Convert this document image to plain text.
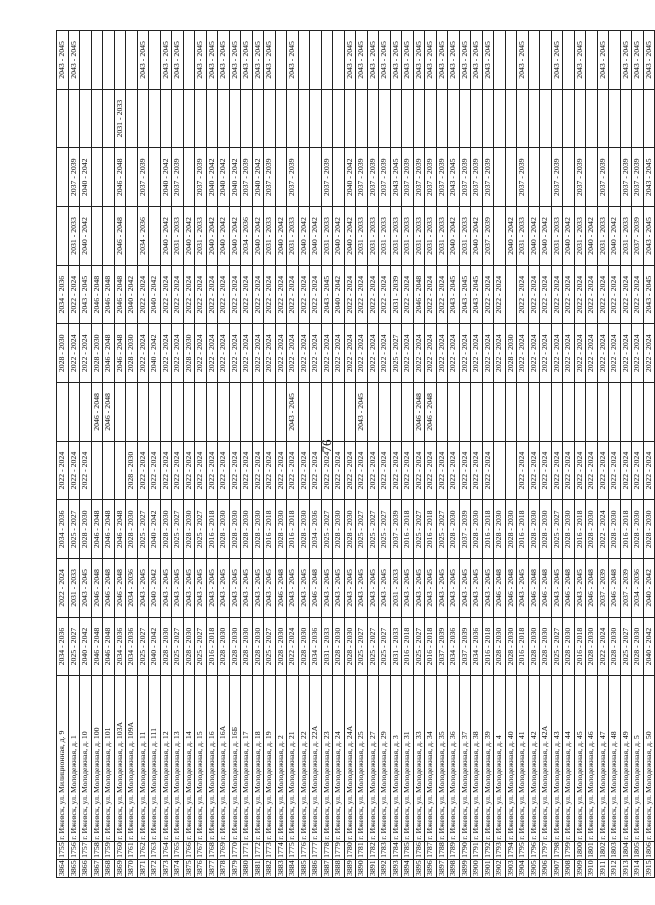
76
3864	1755	г. Ижевск, ул. Милиционная, д. 9	2034 - 2036	2022 - 2024	2034 - 2036	2022 - 2024		2028 - 2030	2034 - 2036				2043 - 2045
3865	1756	г. Ижевск, ул. Молодежная, д. 1	2025 - 2027	2031 - 2033	2025 - 2027	2022 - 2024		2022 - 2024	2022 - 2024	2031 - 2033	2037 - 2039		2043 - 2045
3866	1757	г. Ижевск, ул. Молодежная, д. 10	2040 - 2042	2043 - 2045	2028 - 2030	2022 - 2024		2022 - 2024	2043 - 2045	2040 - 2042	2040 - 2042		
3867	1758	г. Ижевск, ул. Молодежная, д. 100	2046 - 2048	2046 - 2048	2046 - 2048		2046 - 2048	2028 - 2030	2046 - 2048				
3868	1759	г. Ижевск, ул. Молодежная, д. 101	2046 - 2048	2046 - 2048	2046 - 2048		2046 - 2048	2046 - 2048	2046 - 2048				
3869	1760	г. Ижевск, ул. Молодежная, д. 103А	2034 - 2036	2046 - 2048	2046 - 2048			2046 - 2048	2046 - 2048	2046 - 2048	2046 - 2048	2031 - 2033	
3870	1761	г. Ижевск, ул. Молодежная, д. 109А	2034 - 2036	2034 - 2036	2028 - 2030	2028 - 2030		2028 - 2030	2040 - 2042				
3871	1762	г. Ижевск, ул. Молодежная, д. 11	2025 - 2027	2043 - 2045	2025 - 2027	2022 - 2024		2022 - 2024	2022 - 2024	2034 - 2036	2037 - 2039		2043 - 2045
3872	1763	г. Ижевск, ул. Молодежная, д. 111	2040 - 2042	2040 - 2042	2040 - 2042	2022 - 2024		2040 - 2042	2040 - 2042				
3873	1764	г. Ижевск, ул. Молодежная, д. 12	2028 - 2030	2043 - 2045	2028 - 2030	2022 - 2024		2022 - 2024	2022 - 2024	2040 - 2042	2040 - 2042		2043 - 2045
3874	1765	г. Ижевск, ул. Молодежная, д. 13	2025 - 2027	2043 - 2045	2025 - 2027	2022 - 2024		2022 - 2024	2022 - 2024	2031 - 2033	2037 - 2039		2043 - 2045
3875	1766	г. Ижевск, ул. Молодежная, д. 14	2028 - 2030	2043 - 2045	2028 - 2030	2022 - 2024		2028 - 2030	2022 - 2024	2040 - 2042			
3876	1767	г. Ижевск, ул. Молодежная, д. 15	2025 - 2027	2043 - 2045	2025 - 2027	2022 - 2024		2022 - 2024	2022 - 2024	2031 - 2033	2037 - 2039		2043 - 2045
3877	1768	г. Ижевск, ул. Молодежная, д. 16	2016 - 2018	2043 - 2045	2016 - 2018	2022 - 2024		2022 - 2024	2022 - 2024	2040 - 2042	2040 - 2042		2043 - 2045
3878	1769	г. Ижевск, ул. Молодежная, д. 16А	2028 - 2030	2043 - 2045	2028 - 2030	2022 - 2024		2022 - 2024	2022 - 2024	2040 - 2042	2040 - 2042		2043 - 2045
3879	1770	г. Ижевск, ул. Молодежная, д. 16Б	2028 - 2030	2043 - 2045	2028 - 2030	2022 - 2024		2022 - 2024	2022 - 2024	2040 - 2042	2040 - 2042		2043 - 2045
3880	1771	г. Ижевск, ул. Молодежная, д. 17	2028 - 2030	2043 - 2045	2028 - 2030	2022 - 2024		2022 - 2024	2022 - 2024	2034 - 2036	2037 - 2039		2043 - 2045
3881	1772	г. Ижевск, ул. Молодежная, д. 18	2028 - 2030	2043 - 2045	2028 - 2030	2022 - 2024		2022 - 2024	2022 - 2024	2040 - 2042	2040 - 2042		2043 - 2045
3882	1773	г. Ижевск, ул. Молодежная, д. 19	2025 - 2027	2043 - 2045	2016 - 2018	2022 - 2024		2022 - 2024	2022 - 2024	2031 - 2033	2037 - 2039		2043 - 2045
3883	1774	г. Ижевск, ул. Молодежная, д. 2	2028 - 2030	2046 - 2048	2028 - 2030	2022 - 2024		2022 - 2024	2022 - 2024	2040 - 2042			
3884	1775	г. Ижевск, ул. Молодежная, д. 21	2022 - 2024	2043 - 2045	2016 - 2018	2022 - 2024	2043 - 2045	2022 - 2024	2022 - 2024	2031 - 2033	2037 - 2039		2043 - 2045
3885	1776	г. Ижевск, ул. Молодежная, д. 22	2028 - 2030	2043 - 2045	2028 - 2030	2022 - 2024		2022 - 2024	2022 - 2024	2040 - 2042			
3886	1777	г. Ижевск, ул. Молодежная, д. 22А	2034 - 2036	2046 - 2048	2034 - 2036	2022 - 2024		2022 - 2024	2022 - 2024	2040 - 2042			
3887	1778	г. Ижевск, ул. Молодежная, д. 23	2031 - 2033	2043 - 2045	2025 - 2027	2022 - 2024		2022 - 2024	2043 - 2045	2031 - 2033	2037 - 2039		
3888	1779	г. Ижевск, ул. Молодежная, д. 24	2028 - 2030	2043 - 2045	2028 - 2030	2022 - 2024		2022 - 2024	2040 - 2042	2040 - 2042			
3889	1780	г. Ижевск, ул. Молодежная, д. 24А	2028 - 2030	2043 - 2045	2028 - 2030	2022 - 2024		2022 - 2024	2022 - 2024	2040 - 2042	2040 - 2042		2043 - 2045
3890	1781	г. Ижевск, ул. Молодежная, д. 25	2025 - 2027	2043 - 2045	2025 - 2027	2022 - 2024	2043 - 2045	2022 - 2024	2022 - 2024	2031 - 2033	2037 - 2039		2043 - 2045
3891	1782	г. Ижевск, ул. Молодежная, д. 27	2025 - 2027	2043 - 2045	2025 - 2027	2022 - 2024		2022 - 2024	2022 - 2024	2031 - 2033	2037 - 2039		2043 - 2045
3892	1783	г. Ижевск, ул. Молодежная, д. 29	2025 - 2027	2043 - 2045	2025 - 2027	2022 - 2024		2022 - 2024	2022 - 2024	2031 - 2033	2037 - 2039		2043 - 2045
3893	1784	г. Ижевск, ул. Молодежная, д. 3	2031 - 2033	2031 - 2033	2037 - 2039	2022 - 2024		2025 - 2027	2031 - 2039	2031 - 2033	2043 - 2045		2043 - 2045
3894	1785	г. Ижевск, ул. Молодежная, д. 31	2016 - 2018	2043 - 2045	2016 - 2018	2022 - 2024		2022 - 2024	2022 - 2024	2031 - 2033	2037 - 2039		2043 - 2045
3895	1786	г. Ижевск, ул. Молодежная, д. 33	2025 - 2027	2043 - 2045	2025 - 2027	2022 - 2024	2046 - 2048	2022 - 2024	2046 - 2048	2031 - 2033	2037 - 2039		2043 - 2045
3896	1787	г. Ижевск, ул. Молодежная, д. 34	2016 - 2018	2043 - 2045	2016 - 2018	2022 - 2024	2046 - 2048	2022 - 2024	2022 - 2024	2031 - 2033	2037 - 2039		2043 - 2045
3897	1788	г. Ижевск, ул. Молодежная, д. 35	2037 - 2039	2043 - 2045	2025 - 2027	2022 - 2024		2022 - 2024	2022 - 2024	2031 - 2033	2037 - 2039		2043 - 2045
3898	1789	г. Ижевск, ул. Молодежная, д. 36	2034 - 2036	2043 - 2045	2028 - 2030	2022 - 2024		2022 - 2024	2043 - 2045	2040 - 2042	2043 - 2045		2043 - 2045
3899	1790	г. Ижевск, ул. Молодежная, д. 37	2037 - 2039	2043 - 2045	2037 - 2039	2022 - 2024		2022 - 2024	2043 - 2045	2031 - 2033	2037 - 2039		2043 - 2045
3900	1791	г. Ижевск, ул. Молодежная, д. 38	2034 - 2036	2043 - 2045	2028 - 2030	2022 - 2024		2022 - 2024	2043 - 2045	2040 - 2042	2037 - 2039		2043 - 2045
3901	1792	г. Ижевск, ул. Молодежная, д. 39	2016 - 2018	2043 - 2045	2016 - 2018	2022 - 2024		2022 - 2024	2022 - 2024	2037 - 2039	2037 - 2039		2043 - 2045
3902	1793	г. Ижевск, ул. Молодежная, д. 4	2028 - 2030	2046 - 2048	2028 - 2030			2022 - 2024	2022 - 2024				
3903	1794	г. Ижевск, ул. Молодежная, д. 40	2028 - 2030	2046 - 2048	2028 - 2030			2028 - 2030		2040 - 2042			
3904	1795	г. Ижевск, ул. Молодежная, д. 41	2016 - 2018	2043 - 2045	2016 - 2018	2022 - 2024		2022 - 2024	2022 - 2024	2031 - 2033	2037 - 2039		2043 - 2045
3905	1796	г. Ижевск, ул. Молодежная, д. 42	2028 - 2030	2046 - 2048	2028 - 2030	2022 - 2024		2022 - 2024	2022 - 2024	2040 - 2042			
3906	1797	г. Ижевск, ул. Молодежная, д. 42А	2028 - 2030	2046 - 2048	2028 - 2030	2022 - 2024		2022 - 2024	2022 - 2024	2040 - 2042			
3907	1798	г. Ижевск, ул. Молодежная, д. 43	2025 - 2027	2043 - 2045	2025 - 2027	2022 - 2024		2022 - 2024	2022 - 2024	2031 - 2033	2037 - 2039		2043 - 2045
3908	1799	г. Ижевск, ул. Молодежная, д. 44	2028 - 2030	2046 - 2048	2028 - 2030	2022 - 2024		2022 - 2024	2022 - 2024	2040 - 2042			
3909	1800	г. Ижевск, ул. Молодежная, д. 45	2016 - 2018	2043 - 2045	2016 - 2018	2022 - 2024		2022 - 2024	2022 - 2024	2031 - 2033	2037 - 2039		2043 - 2045
3910	1801	г. Ижевск, ул. Молодежная, д. 46	2028 - 2030	2046 - 2048	2028 - 2030	2022 - 2024		2022 - 2024	2022 - 2024	2040 - 2042			
3911	1802	г. Ижевск, ул. Молодежная, д. 47	2022 - 2024	2037 - 2039	2022 - 2024	2022 - 2024		2022 - 2024	2022 - 2024	2031 - 2033	2037 - 2039		2043 - 2045
3912	1803	г. Ижевск, ул. Молодежная, д. 48	2028 - 2030	2046 - 2048	2028 - 2030	2022 - 2024		2022 - 2024	2022 - 2024	2040 - 2042			
3913	1804	г. Ижевск, ул. Молодежная, д. 49	2025 - 2027	2037 - 2039	2016 - 2018	2022 - 2024		2022 - 2024	2022 - 2024	2031 - 2033	2037 - 2039		2043 - 2045
3914	1805	г. Ижевск, ул. Молодежная, д. 5	2028 - 2030	2034 - 2036	2028 - 2030	2022 - 2024		2022 - 2024	2022 - 2024	2037 - 2039	2037 - 2039		2043 - 2045
3915	1806	г. Ижевск, ул. Молодежная, д. 50	2040 - 2042	2040 - 2042	2028 - 2030	2022 - 2024		2022 - 2024	2043 - 2045	2043 - 2045	2043 - 2045		2043 - 2045
